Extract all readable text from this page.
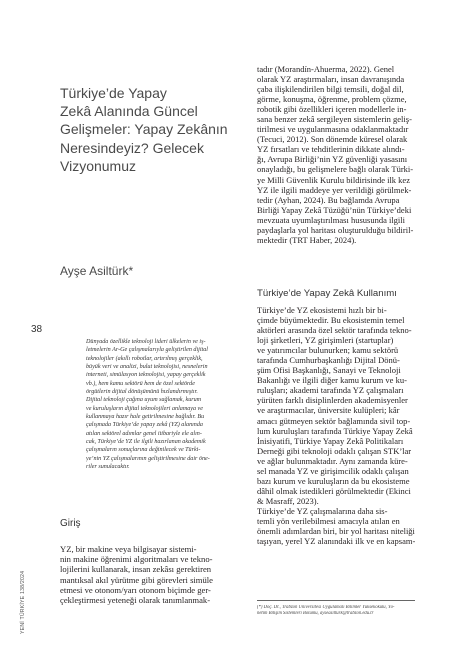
Türkiye’de Yapay
Zekâ Alanında Güncel
Gelişmeler: Yapay Zekânın
Neresindeyiz? Gelecek
Vizyonumuz
Ayşe Asiltürk*
38
Dünyada özellikle teknoloji lideri ülkelerin ve iş-
letmelerin Ar-Ge çalışmalarıyla geliştirilen dijital
teknolojiler (akıllı robotlar, artırılmış gerçeklik,
büyük veri ve analizi, bulut teknolojisi, nesnelerin
interneti, simülasyon teknolojisi, yapay gerçeklik
vb.), hem kamu sektörü hem de özel sektörde
örgütlerin dijital dönüşümünü hızlandırmıştır.
Dijital teknoloji çağına uyum sağlamak, kurum
ve kuruluşların dijital teknolojileri anlamaya ve
kullanmaya hazır hale getirilmesine bağlıdır. Bu
çalışmada Türkiye’de yapay zekâ (YZ) alanında
atılan sektörel adımlar genel itibariyle ele alın-
cak, Türkiye’de YZ ile ilgili hazırlanan akademik
çalışmaların sonuçlarına değinilecek ve Türki-
ye’nin YZ çalışmalarının geliştirilmesine dair öne-
riler sunulacaktır.
Giriş
YZ, bir makine veya bilgisayar sistemi-
nin makine öğrenimi algoritmaları ve tekno-
lojilerini kullanarak, insan zekâsı gerektiren
mantıksal akıl yürütme gibi görevleri simüle
etmesi ve otonom/yarı otonom biçimde ger-
çekleştirmesi yeteneği olarak tanımlanmak-
tadır (Morandín-Ahuerma, 2022). Genel
olarak YZ araştırmaları, insan davranışında
çaba ilişkilendirilen bilgi temsili, doğal dil,
görme, konuşma, öğrenme, problem çözme,
robotik gibi özellikleri içeren modellerle in-
sana benzer zekâ sergileyen sistemlerin geliş-
tirilmesi ve uygulanmasına odaklanmaktadır
(Tecuci, 2012). Son dönemde küresel olarak
YZ fırsatları ve tehditlerinin dikkate alındı-
ğı, Avrupa Birliği’nin YZ güvenliği yasasını
onayladığı, bu gelişmelere bağlı olarak Türki-
ye Milli Güvenlik Kurulu bildirisinde ilk kez
YZ ile ilgili maddeye yer verildiği görülmek-
tedir (Ayhan, 2024). Bu bağlamda Avrupa
Birliği Yapay Zekâ Tüzüğü’nün Türkiye’deki
mevzuata uyumlaştırılması hususunda ilgili
paydaşlarla yol haritası oluşturulduğu bildiril-
mektedir (TRT Haber, 2024).
Türkiye’de Yapay Zekâ Kullanımı
Türkiye’de YZ ekosistemi hızlı bir bi-
çimde büyümektedir. Bu ekosistemin temel
aktörleri arasında özel sektör tarafında tekno-
loji şirketleri, YZ girişimleri (startuplar)
ve yatırımcılar bulunurken; kamu sektörü
tarafında Cumhurbaşkanlığı Dijital Dönü-
şüm Ofisi Başkanlığı, Sanayi ve Teknoloji
Bakanlığı ve ilgili diğer kamu kurum ve ku-
ruluşları; akademi tarafında YZ çalışmaları
yürüten farklı disiplinlerden akademisyenler
ve araştırmacılar, üniversite kulüpleri; kâr
amacı gütmeyen sektör bağlamında sivil top-
lum kuruluşları tarafında Türkiye Yapay Zekâ
İnisiyatifi, Türkiye Yapay Zekâ Politikaları
Derneği gibi teknoloji odaklı çalışan STK’lar
ve ağlar bulunmaktadır. Aynı zamanda küre-
sel manada YZ ve girişimcilik odaklı çalışan
bazı kurum ve kuruluşların da bu ekosisteme
dâhil olmak istedikleri görülmektedir (Ekinci
& Masraff, 2023).
Türkiye’de YZ çalışmalarına daha sis-
temli yön verilebilmesi amacıyla atılan en
önemli adımlardan biri, bir yol haritası niteliği
taşıyan, yerel YZ alanındaki ilk ve en kapsam-
(*) Doç. Dr., Trabzon Üniversitesi Uygulamalı Bilimler Yüksekokulu, Yö-
netim Bilişim Sistemleri Bölümü, ayseasilturk@trabzon.edu.tr
YENİ TÜRKİYE 138/2024
